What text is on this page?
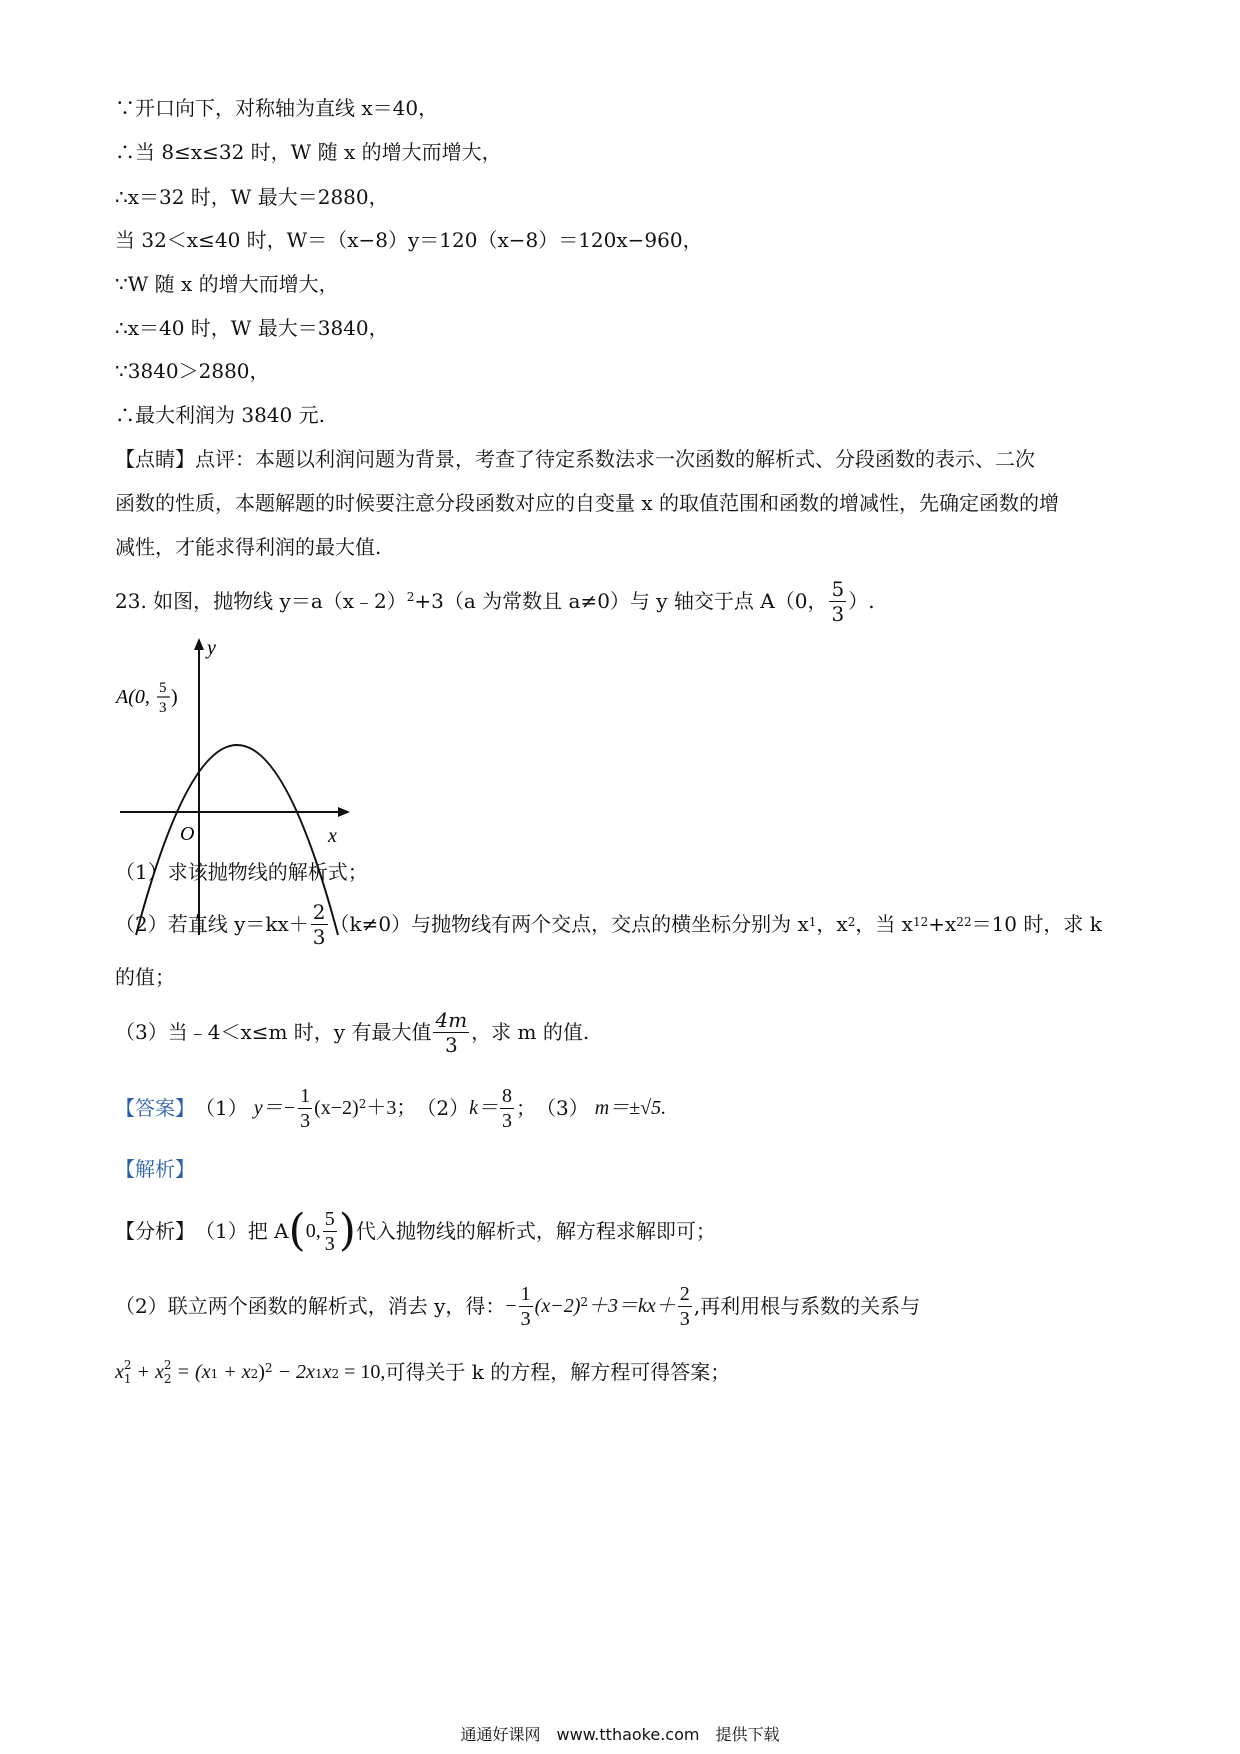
∵开口向下，对称轴为直线 x＝40，
∴当 8≤x≤32 时，W 随 x 的增大而增大，
∴x＝32 时，W 最大＝2880，
当 32＜x≤40 时，W＝（x−8）y＝120（x−8）＝120x−960，
∵W 随 x 的增大而增大，
∴x＝40 时，W 最大＝3840，
∵3840＞2880，
∴最大利润为 3840 元.
【点睛】点评：本题以利润问题为背景，考查了待定系数法求一次函数的解析式、分段函数的表示、二次
函数的性质，本题解题的时候要注意分段函数对应的自变量 x 的取值范围和函数的增减性，先确定函数的增
减性，才能求得利润的最大值.
23. 如图，抛物线 y＝a（x﹣2）$^2$ +3（a 为常数且 a≠0）与 y 轴交于点 A（0， $\frac{5}{3}$ ）.
y
x
O
A(0, 5
3 )
（1）求该抛物线的解析式；
（2）若直线 $y=kx+ \frac{2}{3} (k\ne 0)$与抛物线有两个交点，交点的横坐标分别为 x 1 ，x 2 ，当 x 1 2 +x 2 2 ＝10 时，求 k
的值；
（3）当﹣4＜x≤m 时，y 有最大值 $\frac{4m}{3}$ ，求 m 的值.
【答案】 （1） $y=- \frac{1}{3} (x-2)^2 +3$； （2） $k= \frac{8}{3}$ ； （3） m＝±√5.
【解析】
【分析】 （1）把 A ( 0, $\frac{5}{3}$ ) 代入抛物线的解析式，解方程求解即可；
（2）联立两个函数的解析式，消去 y，得： − $\frac{1}{3} (x-2)^2 +3=kx+ \frac{2}{3}$ ,再利用根与系数的关系与
x 2
1 + x 2
2 = (x 1 + x 2 )$^2$ − 2x 1 x 2 = 10, 可得关于 k 的方程，解方程可得答案；
通通好课网　www.tthaoke.com　提供下载
